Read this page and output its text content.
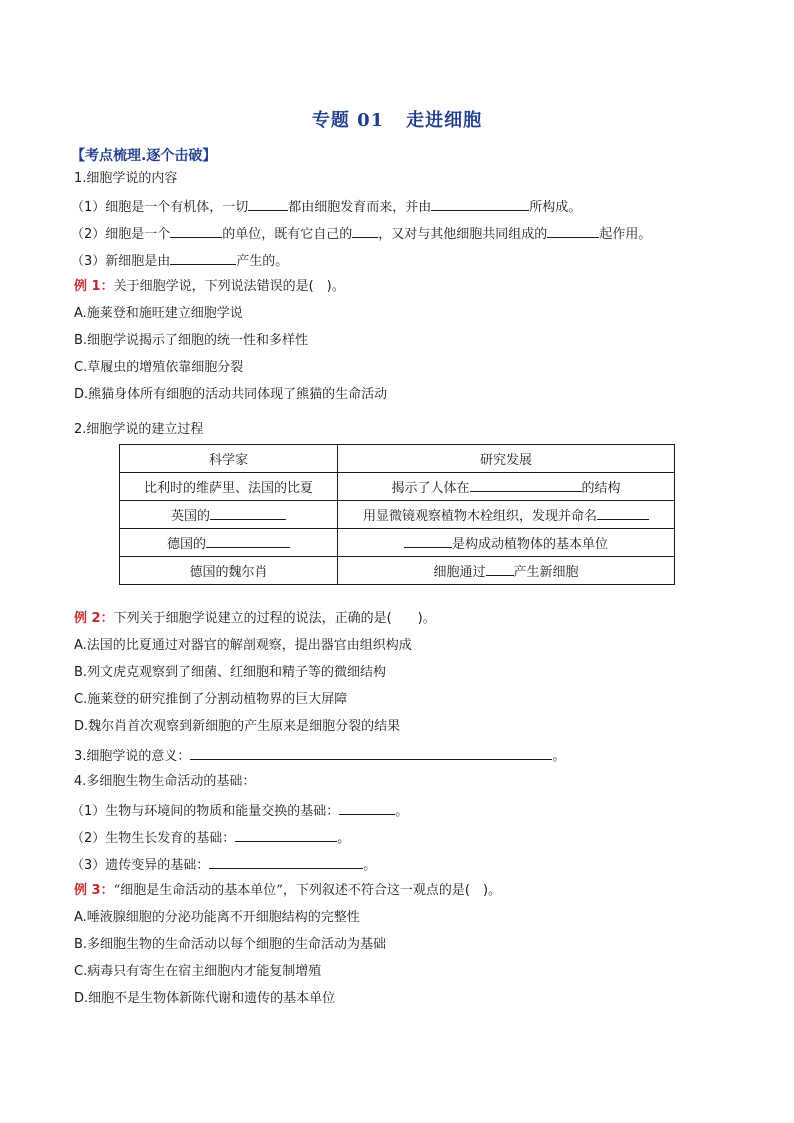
专题 01 走进细胞
【考点梳理.逐个击破】
1.细胞学说的内容
（1）细胞是一个有机体，一切	都由细胞发育而来，并由	所构成。
（2）细胞是一个	的单位，既有它自己的 ，又对与其他细胞共同组成的	起作用。
（3）新细胞是由	产生的。
例 1：关于细胞学说，下列说法错误的是(　)。
A.施莱登和施旺建立细胞学说
B.细胞学说揭示了细胞的统一性和多样性
C.草履虫的增殖依靠细胞分裂
D.熊猫身体所有细胞的活动共同体现了熊猫的生命活动
2.细胞学说的建立过程
科学家	研究发展
比利时的维萨里、法国的比夏	揭示了人体在 的结构
英国的	用显微镜观察植物木栓组织，发现并命名
德国的	是构成动植物体的基本单位
德国的魏尔肖	细胞通过 产生新细胞
例 2：下列关于细胞学说建立的过程的说法，正确的是(　　)。
A.法国的比夏通过对器官的解剖观察，提出器官由组织构成
B.列文虎克观察到了细菌、红细胞和精子等的微细结构
C.施莱登的研究推倒了分割动植物界的巨大屏障
D.魏尔肖首次观察到新细胞的产生原来是细胞分裂的结果
3.细胞学说的意义：	。
4.多细胞生物生命活动的基础：
（1）生物与环境间的物质和能量交换的基础：	。
（2）生物生长发育的基础：	。
（3）遗传变异的基础：	。
例 3：“细胞是生命活动的基本单位”，下列叙述不符合这一观点的是(　)。
A.唾液腺细胞的分泌功能离不开细胞结构的完整性
B.多细胞生物的生命活动以每个细胞的生命活动为基础
C.病毒只有寄生在宿主细胞内才能复制增殖
D.细胞不是生物体新陈代谢和遗传的基本单位
